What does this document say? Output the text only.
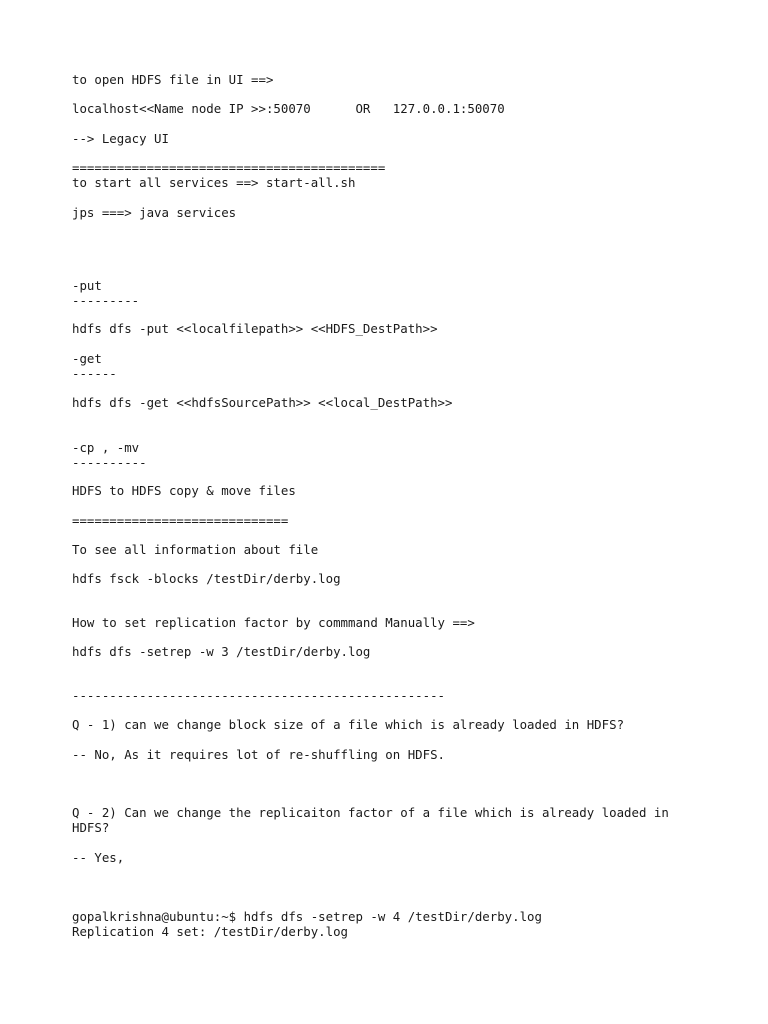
to open HDFS file in UI ==>

localhost<<Name node IP >>:50070      OR   127.0.0.1:50070

--> Legacy UI

==========================================

to start all services ==> start-all.sh

jps ===> java services

-put

---------

hdfs dfs -put <<localfilepath>> <<HDFS_DestPath>>

-get

------

hdfs dfs -get <<hdfsSourcePath>> <<local_DestPath>>

-cp , -mv

----------

HDFS to HDFS copy & move files

=============================

To see all information about file

hdfs fsck -blocks /testDir/derby.log

How to set replication factor by commmand Manually ==>

hdfs dfs -setrep -w 3 /testDir/derby.log

--------------------------------------------------

Q - 1) can we change block size of a file which is already loaded in HDFS?

-- No, As it requires lot of re-shuffling on HDFS.

Q - 2) Can we change the replicaiton factor of a file which is already loaded in

HDFS?

-- Yes,

gopalkrishna@ubuntu:~$ hdfs dfs -setrep -w 4 /testDir/derby.log

Replication 4 set: /testDir/derby.log
